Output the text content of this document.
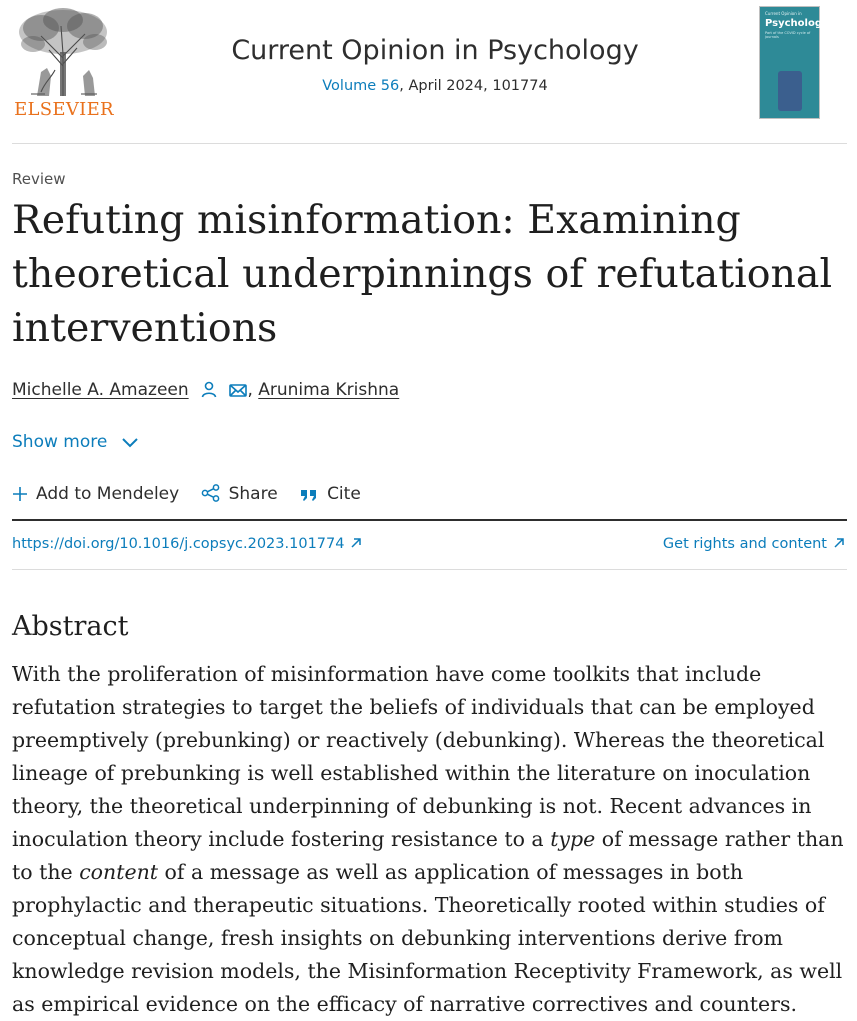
ELSEVIER
Current Opinion in Psychology
Volume 56, April 2024, 101774
Current Opinion in
Psychology
Part of the COVID cycle of journals
Review
Refuting misinformation: Examining theoretical underpinnings of refutational interventions
Michelle A. Amazeen	, Arunima Krishna
Show more
Add to Mendeley	Share	Cite
https://doi.org/10.1016/j.copsyc.2023.101774	Get rights and content
Abstract

With the proliferation of misinformation have come toolkits that include refutation strategies to target the beliefs of individuals that can be employed preemptively (prebunking) or reactively (debunking). Whereas the theoretical lineage of prebunking is well established within the literature on inoculation theory, the theoretical underpinning of debunking is not. Recent advances in inoculation theory include fostering resistance to a type of message rather than to the content of a message as well as application of messages in both prophylactic and therapeutic situations. Theoretically rooted within studies of conceptual change, fresh insights on debunking interventions derive from knowledge revision models, the Misinformation Receptivity Framework, as well as empirical evidence on the efficacy of narrative correctives and counters.
